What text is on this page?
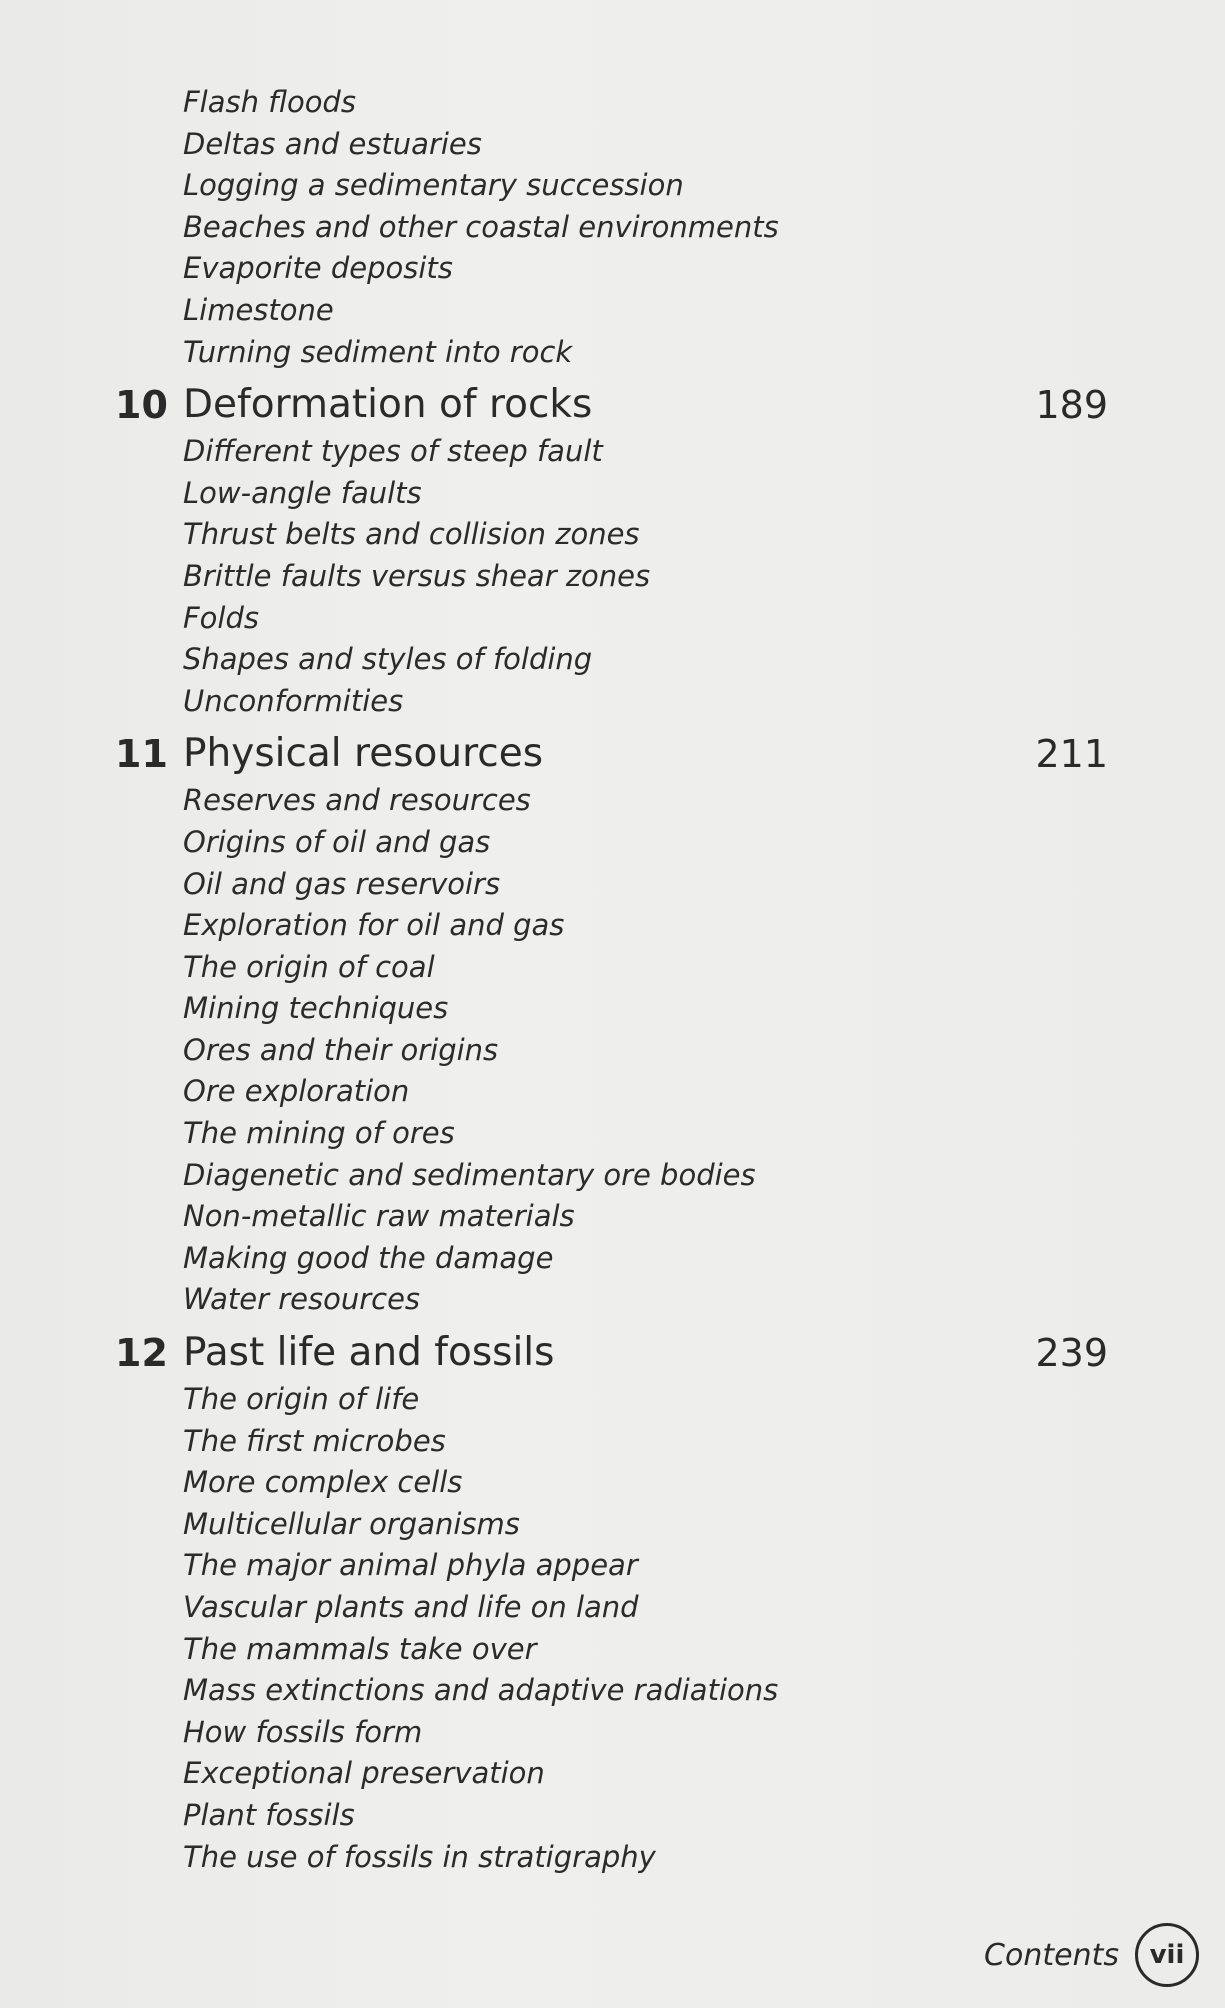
Flash floods
Deltas and estuaries
Logging a sedimentary succession
Beaches and other coastal environments
Evaporite deposits
Limestone
Turning sediment into rock
10 Deformation of rocks	189
Different types of steep fault
Low-angle faults
Thrust belts and collision zones
Brittle faults versus shear zones
Folds
Shapes and styles of folding
Unconformities
11 Physical resources	211
Reserves and resources
Origins of oil and gas
Oil and gas reservoirs
Exploration for oil and gas
The origin of coal
Mining techniques
Ores and their origins
Ore exploration
The mining of ores
Diagenetic and sedimentary ore bodies
Non-metallic raw materials
Making good the damage
Water resources
12 Past life and fossils	239
The origin of life
The first microbes
More complex cells
Multicellular organisms
The major animal phyla appear
Vascular plants and life on land
The mammals take over
Mass extinctions and adaptive radiations
How fossils form
Exceptional preservation
Plant fossils
The use of fossils in stratigraphy
Contents	vii
